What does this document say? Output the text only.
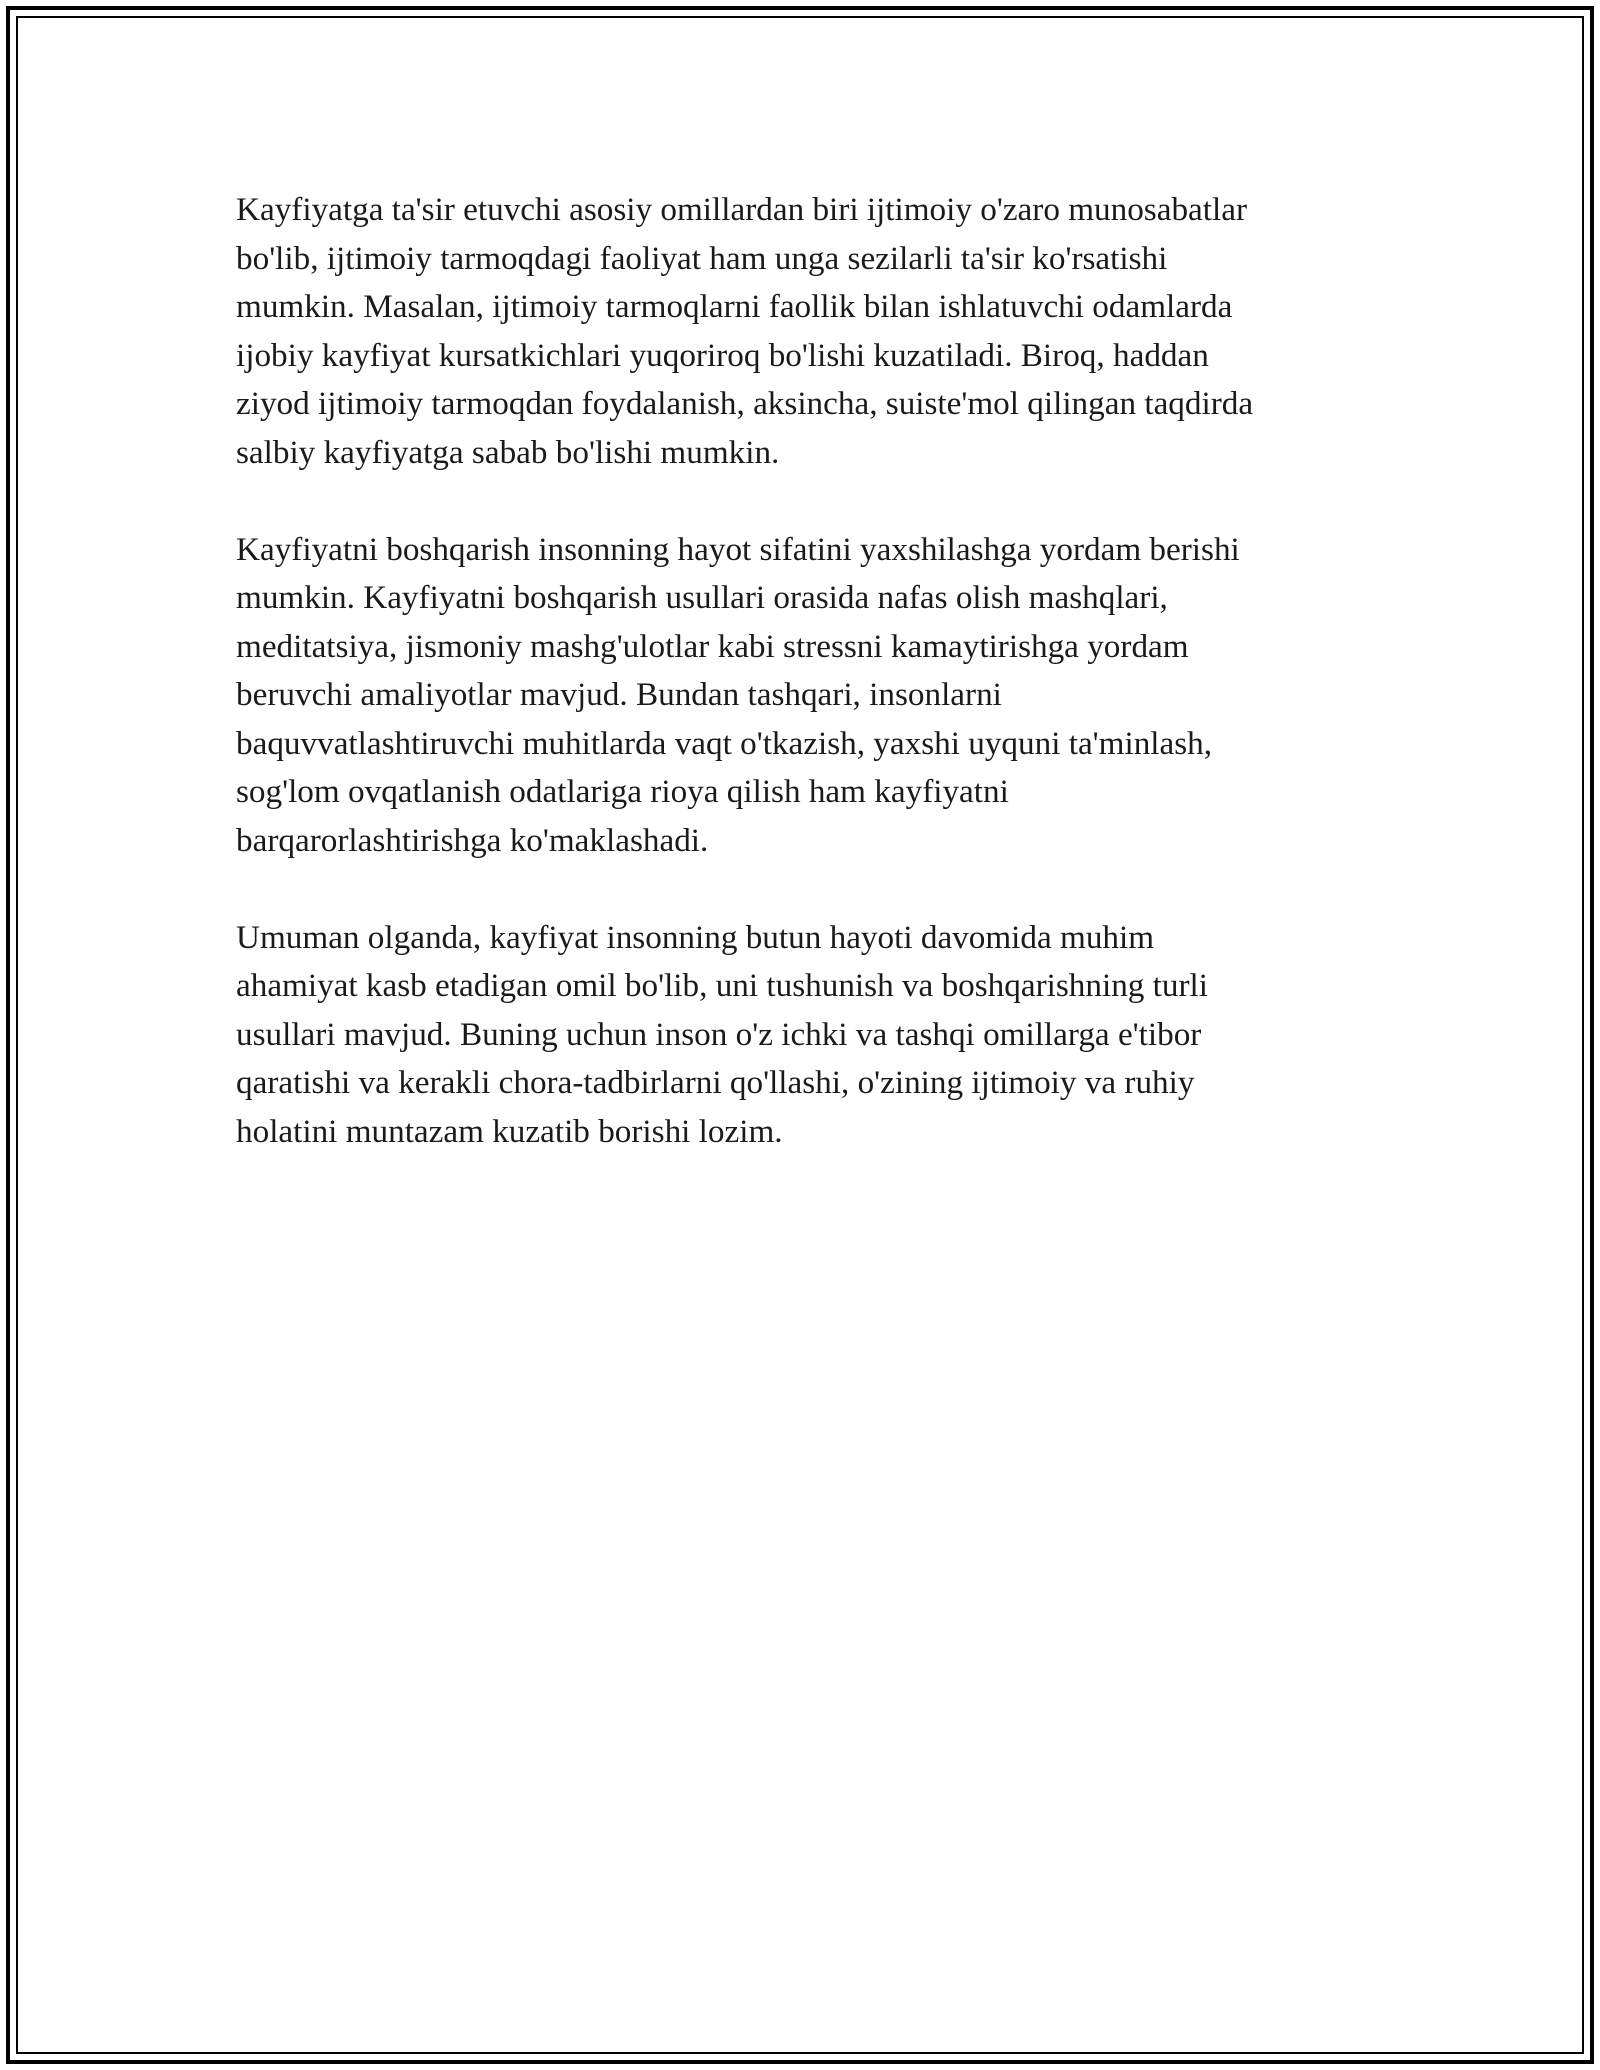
Kayfiyatga ta'sir etuvchi asosiy omillardan biri ijtimoiy o'zaro munosabatlar
bo'lib, ijtimoiy tarmoqdagi faoliyat ham unga sezilarli ta'sir ko'rsatishi
mumkin. Masalan, ijtimoiy tarmoqlarni faollik bilan ishlatuvchi odamlarda
ijobiy kayfiyat kursatkichlari yuqoriroq bo'lishi kuzatiladi. Biroq, haddan
ziyod ijtimoiy tarmoqdan foydalanish, aksincha, suiste'mol qilingan taqdirda
salbiy kayfiyatga sabab bo'lishi mumkin.

Kayfiyatni boshqarish insonning hayot sifatini yaxshilashga yordam berishi
mumkin. Kayfiyatni boshqarish usullari orasida nafas olish mashqlari,
meditatsiya, jismoniy mashg'ulotlar kabi stressni kamaytirishga yordam
beruvchi amaliyotlar mavjud. Bundan tashqari, insonlarni
baquvvatlashtiruvchi muhitlarda vaqt o'tkazish, yaxshi uyquni ta'minlash,
sog'lom ovqatlanish odatlariga rioya qilish ham kayfiyatni
barqarorlashtirishga ko'maklashadi.

Umuman olganda, kayfiyat insonning butun hayoti davomida muhim
ahamiyat kasb etadigan omil bo'lib, uni tushunish va boshqarishning turli
usullari mavjud. Buning uchun inson o'z ichki va tashqi omillarga e'tibor
qaratishi va kerakli chora-tadbirlarni qo'llashi, o'zining ijtimoiy va ruhiy
holatini muntazam kuzatib borishi lozim.
